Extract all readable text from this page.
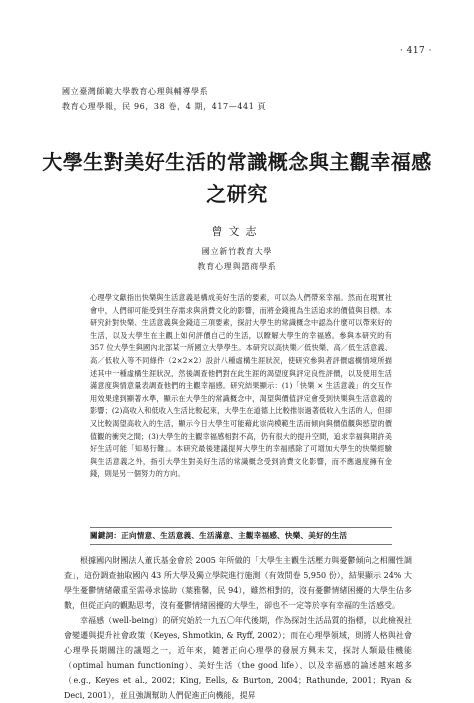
· 417 ·
國立臺灣師範大學教育心理與輔導學系
教育心理學報，民 96，38 卷，4 期，417—441 頁
大學生對美好生活的常識概念與主觀幸福感
之研究
曾文志
國立新竹教育大學
教育心理與諮商學系
心理學文獻指出快樂與生活意義是構成美好生活的要素，可以為人們帶來幸福。然而在現實社會中，人們卻可能受到生存需求與消費文化的影響，而將金錢視為生活追求的價值與目標。本研究針對快樂、生活意義與金錢這三項要素，探討大學生的常識概念中認為什麼可以帶來好的生活，以及大學生在主觀上如何評價自己的生活，以瞭解大學生的幸福感。參與本研究的有 357 位大學生與國內北部某一所國立大學學生。本研究以高快樂／低快樂、高／低生活意義、高／低收入等不同條件（2×2×2）設計八種虛構生涯狀況，使研究參與者評價虛構情境所描述其中一種虛構生涯狀況，然後調查他們對在此生涯的渴望度與評定良性評價，以及使用生活滿意度與情意量表調查他們的主觀幸福感。研究結果顯示：(1)「快樂 × 生活意義」的交互作用效果達到顯著水準，顯示在大學生的常識概念中，渴望與價值評定會受到快樂與生活意義的影響；(2)高收入和低收入生活比較起來，大學生在道德上比較推崇過著低收入生活的人，但卻又比較渴望高收入的生活，顯示今日大學生可能藉此崇尚模範生活而傾向與價值觀與慾望的價值觀的衝突之間；(3)大學生的主觀幸福感相對不高，仍有很大的提升空間，追求幸福與期許美好生活可能「知易行難」。本研究最後建議提昇大學生的幸福感除了可增加大學生的快樂經驗與生活意義之外，指引大學生對美好生活的常識概念受到消費文化影響，而不應過度擁有金錢，則是另一個努力的方向。
關鍵詞：正向情意、生活意義、生活滿意、主觀幸福感、快樂、美好的生活

根據國內財團法人董氏基金會於 2005 年所做的「大學生主觀生活壓力與憂鬱傾向之相關性調查」，這份調查抽取國內 43 所大學及獨立學院進行施測（有效問卷 5,950 份），結果顯示 24% 大學生憂鬱情緒嚴重至需尋求協助（葉雅馨，民 94），雖然相對的，沒有憂鬱情緒困擾的大學生佔多數，但從正向的觀點思考，沒有憂鬱情緒困擾的大學生，卻也不一定等於享有幸福的生活感受。

幸福感（well-being）的研究始於一九五〇年代後期，作為探討生活品質的指標，以此檢視社會變遷與提升社會政策（Keyes, Shmotkin, & Ryff, 2002）；而在心理學領域，則將人格與社會心理學長期關注的議題之一，近年來，隨著正向心理學的發展方興未艾，探討人類最佳機能（optimal human functioning）、美好生活（the good life）、以及幸福感的論述越來越多（e.g., Keyes et al., 2002；King, Eells, & Burton, 2004；Rathunde, 2001；Ryan & Deci, 2001），並且強調幫助人們促進正向機能，提昇
